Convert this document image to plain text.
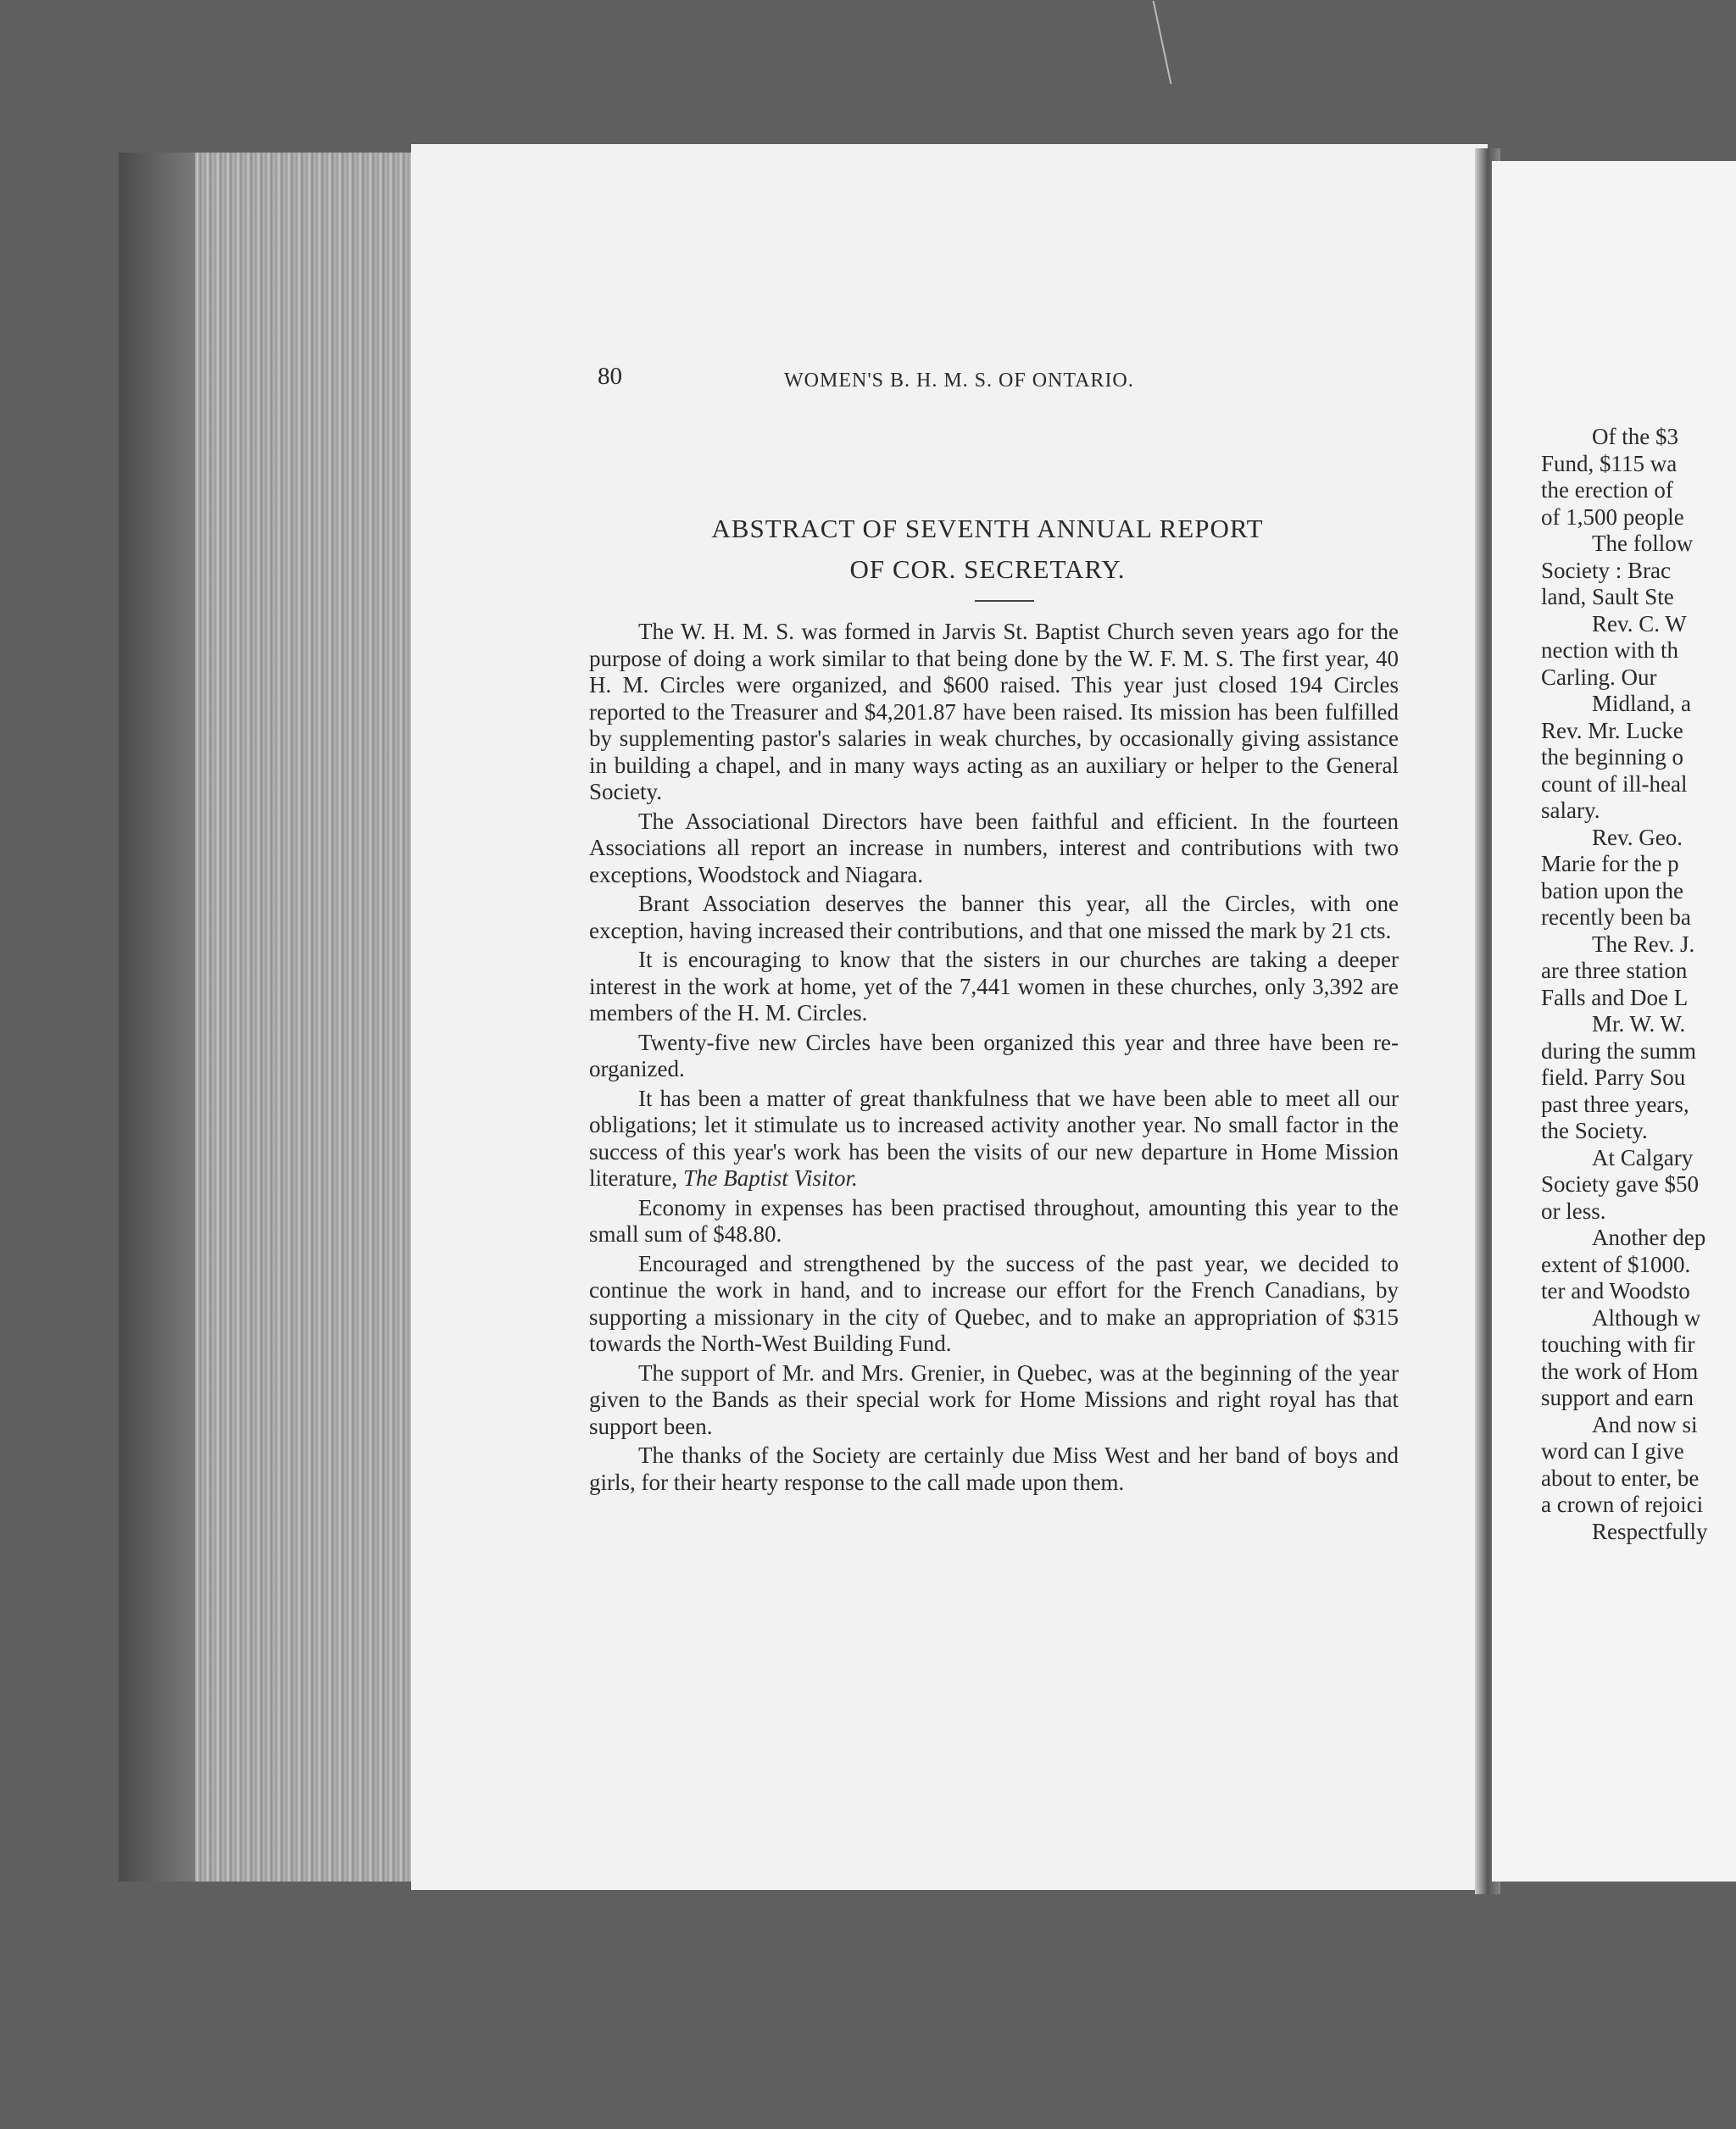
80	WOMEN'S B. H. M. S. OF ONTARIO.
ABSTRACT OF SEVENTH ANNUAL REPORT
OF COR. SECRETARY.

The W. H. M. S. was formed in Jarvis St. Baptist Church seven years ago for the purpose of doing a work similar to that being done by the W. F. M. S. The first year, 40 H. M. Circles were organized, and $600 raised. This year just closed 194 Circles reported to the Treasurer and $4,201.87 have been raised. Its mission has been fulfilled by supplementing pastor's salaries in weak churches, by occasionally giving assistance in building a chapel, and in many ways acting as an auxiliary or helper to the General Society.

The Associational Directors have been faithful and efficient. In the fourteen Associations all report an increase in numbers, interest and contributions with two exceptions, Woodstock and Niagara.

Brant Association deserves the banner this year, all the Circles, with one exception, having increased their contributions, and that one missed the mark by 21 cts.

It is encouraging to know that the sisters in our churches are taking a deeper interest in the work at home, yet of the 7,441 women in these churches, only 3,392 are members of the H. M. Circles.

Twenty-five new Circles have been organized this year and three have been re-organized.

It has been a matter of great thankfulness that we have been able to meet all our obligations; let it stimulate us to increased activity another year. No small factor in the success of this year's work has been the visits of our new departure in Home Mission literature, The Baptist Visitor.

Economy in expenses has been practised throughout, amounting this year to the small sum of $48.80.

Encouraged and strengthened by the success of the past year, we decided to continue the work in hand, and to increase our effort for the French Canadians, by supporting a missionary in the city of Quebec, and to make an appropriation of $315 towards the North-West Building Fund.

The support of Mr. and Mrs. Grenier, in Quebec, was at the beginning of the year given to the Bands as their special work for Home Missions and right royal has that support been.

The thanks of the Society are certainly due Miss West and her band of boys and girls, for their hearty response to the call made upon them.

Of the $3
Fund, $115 wa
the erection of
of 1,500 people
The follow
Society : Brac
land, Sault Ste
Rev. C. W
nection with th
Carling. Our
Midland, a
Rev. Mr. Lucke
the beginning o
count of ill-heal
salary.
Rev. Geo.
Marie for the p
bation upon the
recently been ba
The Rev. J.
are three station
Falls and Doe L
Mr. W. W.
during the summ
field. Parry Sou
past three years,
the Society.
At Calgary
Society gave $50
or less.
Another dep
extent of $1000.
ter and Woodsto
Although w
touching with fir
the work of Hom
support and earn
And now si
word can I give
about to enter, be
a crown of rejoici
Respectfully
